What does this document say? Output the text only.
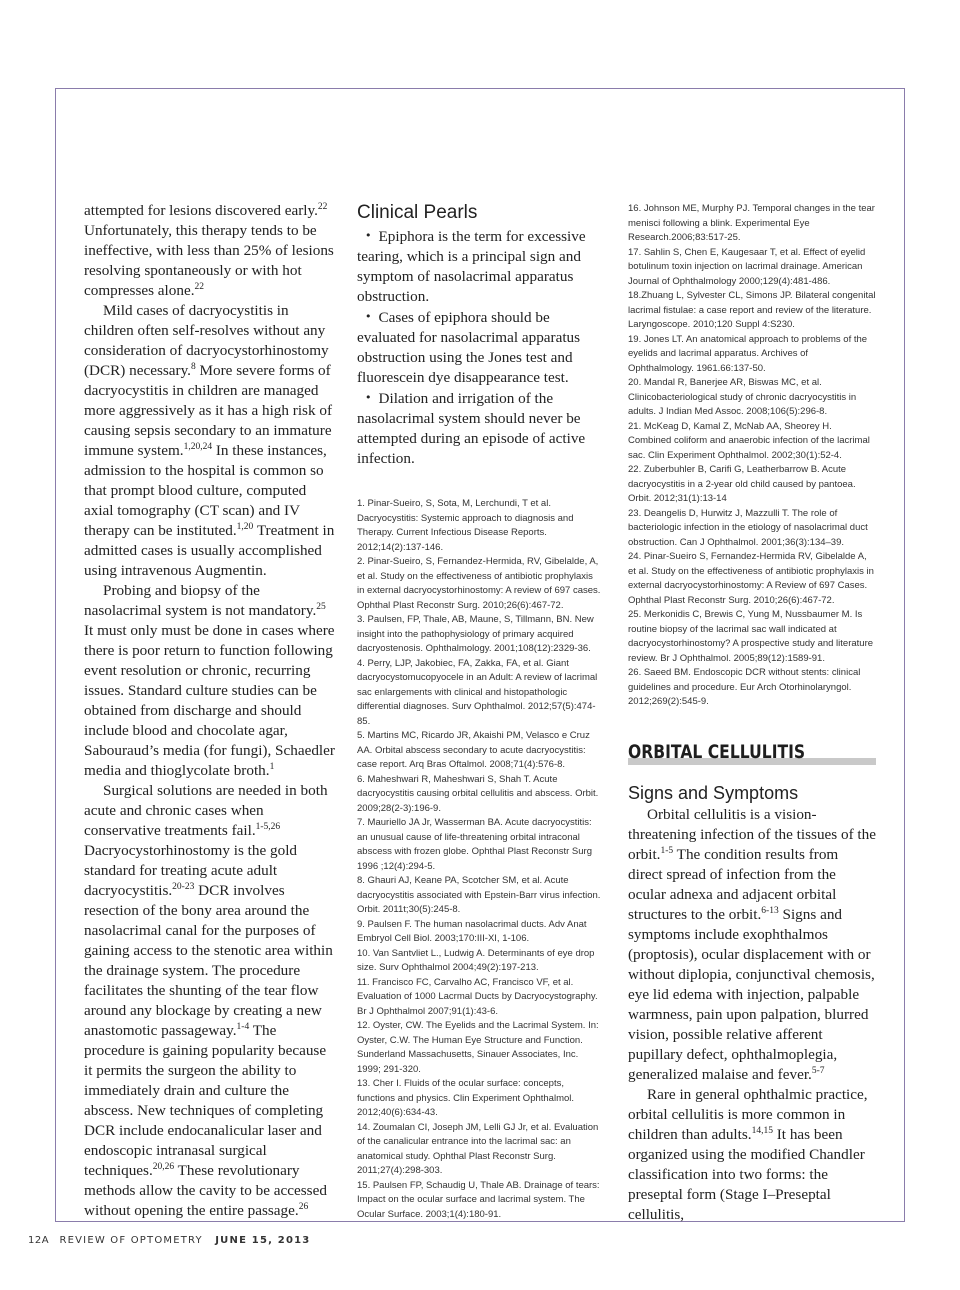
attempted for lesions discovered early.$^{22}$ Unfortunately, this therapy tends to be ineffective, with less than 25% of lesions resolving spontaneously or with hot compresses alone.$^{22}$

Mild cases of dacryocystitis in children often self-resolves without any consideration of dacryocystorhinostomy (DCR) necessary.$^8$ More severe forms of dacryocystitis in children are managed more aggressively as it has a high risk of causing sepsis secondary to an immature immune system.$^{1,20,24}$ In these instances, admission to the hospital is common so that prompt blood culture, computed axial tomography (CT scan) and IV therapy can be instituted.$^{1,20}$ Treatment in admitted cases is usually accomplished using intravenous Augmentin.

Probing and biopsy of the nasolacrimal system is not mandatory.$^{25}$ It must only must be done in cases where there is poor return to function following event resolution or chronic, recurring issues. Standard culture studies can be obtained from discharge and should include blood and chocolate agar, Sabouraud’s media (for fungi), Schaedler media and thioglycolate broth.$^1$

Surgical solutions are needed in both acute and chronic cases when conservative treatments fail.$^{1-5,26}$ Dacryocystorhinostomy is the gold standard for treating acute adult dacryocystitis.$^{20-23}$ DCR involves resection of the bony area around the nasolacrimal canal for the purposes of gaining access to the stenotic area within the drainage system. The procedure facilitates the shunting of the tear flow around any blockage by creating a new anastomotic passageway.$^{1-4}$ The procedure is gaining popularity because it permits the surgeon the ability to immediately drain and culture the abscess. New techniques of completing DCR include endocanalicular laser and endoscopic intranasal surgical techniques.$^{20,26}$ These revolutionary methods allow the cavity to be accessed without opening the entire passage.$^{26}$

Clinical Pearls

• Epiphora is the term for excessive tearing, which is a principal sign and symptom of nasolacrimal apparatus obstruction.

• Cases of epiphora should be evaluated for nasolacrimal apparatus obstruction using the Jones test and fluorescein dye disappearance test.

• Dilation and irrigation of the nasolacrimal system should never be attempted during an episode of active infection.

1. Pinar-Sueiro, S, Sota, M, Lerchundi, T et al. Dacryocystitis: Systemic approach to diagnosis and Therapy. Current Infectious Disease Reports. 2012;14(2):137-146.

2. Pinar-Sueiro, S, Fernandez-Hermida, RV, Gibelalde, A, et al. Study on the effectiveness of antibiotic prophylaxis in external dacryocystorhinostomy: A review of 697 cases. Ophthal Plast Reconstr Surg. 2010;26(6):467-72.

3. Paulsen, FP, Thale, AB, Maune, S, Tillmann, BN. New insight into the pathophysiology of primary acquired dacryostenosis. Ophthalmology. 2001;108(12):2329-36.

4. Perry, LJP, Jakobiec, FA, Zakka, FA, et al. Giant dacryocystomucopyocele in an Adult: A review of lacrimal sac enlargements with clinical and histopathologic differential diagnoses. Surv Ophthalmol. 2012;57(5):474-85.

5. Martins MC, Ricardo JR, Akaishi PM, Velasco e Cruz AA. Orbital abscess secondary to acute dacryocystitis: case report. Arq Bras Oftalmol. 2008;71(4):576-8.

6. Maheshwari R, Maheshwari S, Shah T. Acute dacryocystitis causing orbital cellulitis and abscess. Orbit. 2009;28(2-3):196-9.

7. Mauriello JA Jr, Wasserman BA. Acute dacryocystitis: an unusual cause of life-threatening orbital intraconal abscess with frozen globe. Ophthal Plast Reconstr Surg 1996 ;12(4):294-5.

8. Ghauri AJ, Keane PA, Scotcher SM, et al. Acute dacryocystitis associated with Epstein-Barr virus infection. Orbit. 2011t;30(5):245-8.

9. Paulsen F. The human nasolacrimal ducts. Adv Anat Embryol Cell Biol. 2003;170:III-XI, 1-106.

10. Van Santvliet L., Ludwig A. Determinants of eye drop size. Surv Ophthalmol 2004;49(2):197-213.

11. Francisco FC, Carvalho AC, Francisco VF, et al. Evaluation of 1000 Lacrmal Ducts by Dacryocystography. Br J Ophthalmol 2007;91(1):43-6.

12. Oyster, CW. The Eyelids and the Lacrimal System. In: Oyster, C.W. The Human Eye Structure and Function. Sunderland Massachusetts, Sinauer Associates, Inc. 1999; 291-320.

13. Cher I. Fluids of the ocular surface: concepts, functions and physics. Clin Experiment Ophthalmol. 2012;40(6):634-43.

14. Zoumalan CI, Joseph JM, Lelli GJ Jr, et al. Evaluation of the canalicular entrance into the lacrimal sac: an anatomical study. Ophthal Plast Reconstr Surg. 2011;27(4):298-303.

15. Paulsen FP, Schaudig U, Thale AB. Drainage of tears: Impact on the ocular surface and lacrimal system. The Ocular Surface. 2003;1(4):180-91.

16. Johnson ME, Murphy PJ. Temporal changes in the tear menisci following a blink. Experimental Eye Research.2006;83:517-25.

17. Sahlin S, Chen E, Kaugesaar T, et al. Effect of eyelid botulinum toxin injection on lacrimal drainage. American Journal of Ophthalmology 2000;129(4):481-486.

18.Zhuang L, Sylvester CL, Simons JP. Bilateral congenital lacrimal fistulae: a case report and review of the literature. Laryngoscope. 2010;120 Suppl 4:S230.

19. Jones LT. An anatomical approach to problems of the eyelids and lacrimal apparatus. Archives of Ophthalmology. 1961.66:137-50.

20. Mandal R, Banerjee AR, Biswas MC, et al. Clinicobacteriological study of chronic dacryocystitis in adults. J Indian Med Assoc. 2008;106(5):296-8.

21. McKeag D, Kamal Z, McNab AA, Sheorey H. Combined coliform and anaerobic infection of the lacrimal sac. Clin Experiment Ophthalmol. 2002;30(1):52-4.

22. Zuberbuhler B, Carifi G, Leatherbarrow B. Acute dacryocystitis in a 2-year old child caused by pantoea. Orbit. 2012;31(1):13-14

23. Deangelis D, Hurwitz J, Mazzulli T. The role of bacteriologic infection in the etiology of nasolacrimal duct obstruction. Can J Ophthalmol. 2001;36(3):134–39.

24. Pinar-Sueiro S, Fernandez-Hermida RV, Gibelalde A, et al. Study on the effectiveness of antibiotic prophylaxis in external dacryocystorhinostomy: A Review of 697 Cases. Ophthal Plast Reconstr Surg. 2010;26(6):467-72.

25. Merkonidis C, Brewis C, Yung M, Nussbaumer M. Is routine biopsy of the lacrimal sac wall indicated at dacryocystorhinostomy? A prospective study and literature review. Br J Ophthalmol. 2005;89(12):1589-91.

26. Saeed BM. Endoscopic DCR without stents: clinical guidelines and procedure. Eur Arch Otorhinolaryngol. 2012;269(2):545-9.

ORBITAL CELLULITIS
Signs and Symptoms

Orbital cellulitis is a vision-threatening infection of the tissues of the orbit.$^{1-5}$ The condition results from direct spread of infection from the ocular adnexa and adjacent orbital structures to the orbit.$^{6-13}$ Signs and symptoms include exophthalmos (proptosis), ocular displacement with or without diplopia, conjunctival chemosis, eye lid edema with injection, palpable warmness, pain upon palpation, blurred vision, possible relative afferent pupillary defect, ophthalmoplegia, generalized malaise and fever.$^{5-7}$

Rare in general ophthalmic practice, orbital cellulitis is more common in children than adults.$^{14,15}$ It has been organized using the modified Chandler classification into two forms: the preseptal form (Stage I–Preseptal cellulitis,

12A REVIEW OF OPTOMETRY JUNE 15, 2013
